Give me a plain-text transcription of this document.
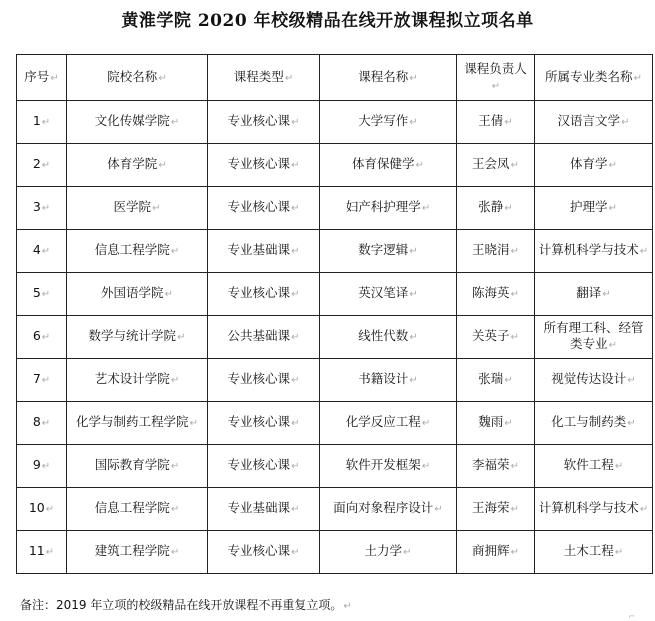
黄淮学院 2020 年校级精品在线开放课程拟立项名单
序号↵	院校名称↵	课程类型↵	课程名称↵	课程负责人↵	所属专业类名称↵
1↵	文化传媒学院↵	专业核心课↵	大学写作↵	王倩↵	汉语言文学↵
2↵	体育学院↵	专业核心课↵	体育保健学↵	王会凤↵	体育学↵
3↵	医学院↵	专业核心课↵	妇产科护理学↵	张静↵	护理学↵
4↵	信息工程学院↵	专业基础课↵	数字逻辑↵	王晓涓↵	计算机科学与技术↵
5↵	外国语学院↵	专业核心课↵	英汉笔译↵	陈海英↵	翻译↵
6↵	数学与统计学院↵	公共基础课↵	线性代数↵	关英子↵	所有理工科、经管类专业↵
7↵	艺术设计学院↵	专业核心课↵	书籍设计↵	张瑞↵	视觉传达设计↵
8↵	化学与制药工程学院↵	专业核心课↵	化学反应工程↵	魏雨↵	化工与制药类↵
9↵	国际教育学院↵	专业核心课↵	软件开发框架↵	李福荣↵	软件工程↵
10↵	信息工程学院↵	专业基础课↵	面向对象程序设计↵	王海荣↵	计算机科学与技术↵
11↵	建筑工程学院↵	专业核心课↵	土力学↵	商拥辉↵	土木工程↵
备注：2019 年立项的校级精品在线开放课程不再重复立项。↵
⌐
